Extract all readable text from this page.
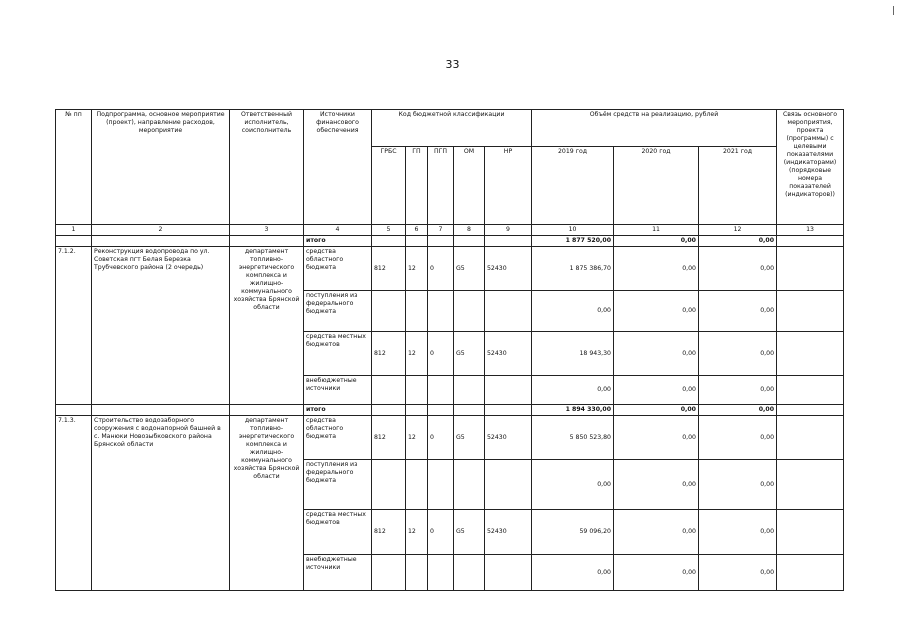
33
№ пп	Подпрограмма, основное мероприятие (проект), направление расходов, мероприятие	Ответственный исполнитель, соисполнитель	Источники финансового обеспечения	Код бюджетной классификации					Объём средств на реализацию, рублей			Связь основного мероприятия, проекта (программы) с целевыми показателями (индикаторами) (порядковые номера показателей (индикаторов))
				ГРБС	ГП	ПГП	ОМ	НР	2019 год	2020 год	2021 год	
1	2	3	4	5	6	7	8	9	10	11	12	13
			итого						1 877 520,00	0,00	0,00	
7.1.2.	Реконструкция водопровода по ул. Советская пгт Белая Березка Трубчевского района (2 очередь)	департамент топливно-энергетического комплекса и жилищно-коммунального хозяйства Брянской области	средства областного бюджета	812	12	0	G5	52430	1 875 386,70	0,00	0,00	
			поступления из федерального бюджета						0,00	0,00	0,00	
			средства местных бюджетов	812	12	0	G5	52430	18 943,30	0,00	0,00	
			внебюджетные источники						0,00	0,00	0,00	
			итого						1 894 330,00	0,00	0,00	
7.1.3.	Строительство водозаборного сооружения с водонапорной башней в с. Манюки Новозыбковского района Брянской области	департамент топливно-энергетического комплекса и жилищно-коммунального хозяйства Брянской области	средства областного бюджета	812	12	0	G5	52430	5 850 523,80	0,00	0,00	
			поступления из федерального бюджета						0,00	0,00	0,00	
			средства местных бюджетов	812	12	0	G5	52430	59 096,20	0,00	0,00	
			внебюджетные источники						0,00	0,00	0,00	
